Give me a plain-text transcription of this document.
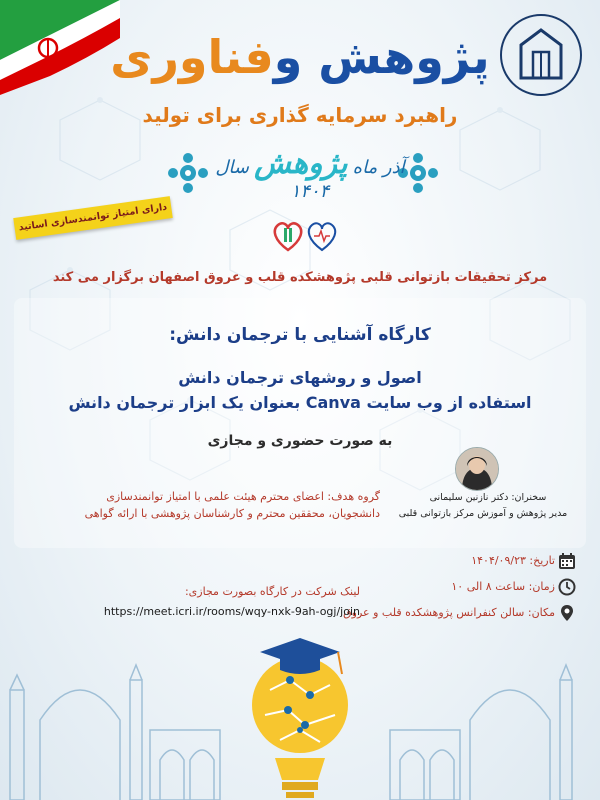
پژوهش وفناوری
راهبرد سرمایه گذاری برای تولید
آذر ماه پژوهش سال ۱۴۰۴
دارای امتیاز توانمندسازی اساتید
مرکز تحقیقات بازتوانی قلبی پژوهشکده قلب و عروق اصفهان برگزار می کند
کارگاه آشنایی با ترجمان دانش:
اصول و روشهای ترجمان دانش
استفاده از وب سایت Canva بعنوان یک ابزار ترجمان دانش
به صورت حضوری و مجازی
سخنران: دکتر نازنین سلیمانی
مدیر پژوهش و آموزش مرکز بازتوانی قلبی
گروه هدف: اعضای محترم هیئت علمی با امتیاز توانمندسازی
دانشجویان، محققین محترم و کارشناسان پژوهشی با ارائه گواهی
تاریخ: ۱۴۰۴/۰۹/۲۳
زمان: ساعت ۸ الی ۱۰
مکان: سالن کنفرانس پژوهشکده قلب و عروق
لینک شرکت در کارگاه بصورت مجازی:
https://meet.icri.ir/rooms/wqy-nxk-9ah-ogj/join
